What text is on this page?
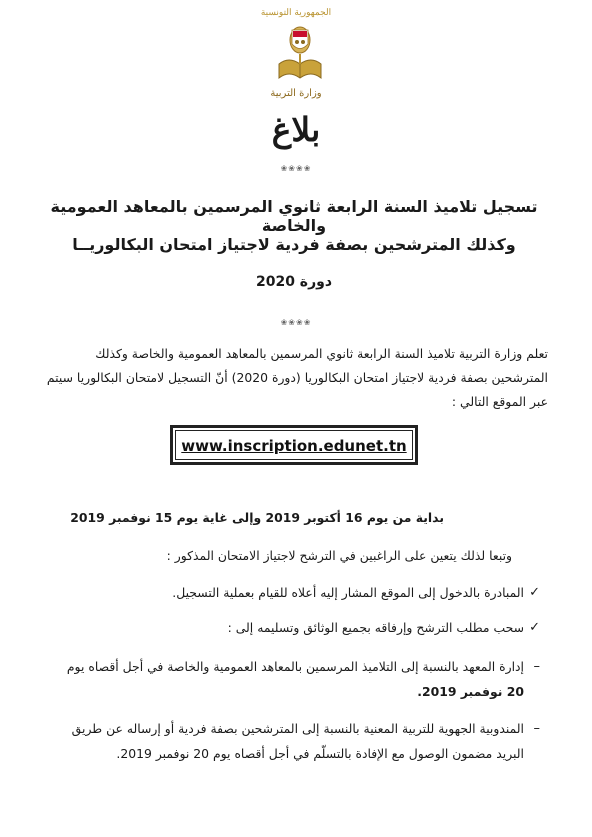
الجمهورية التونسية
وزارة التربية
بلاغ
❀❀❀❀
تسجيل تلاميذ السنة الرابعة ثانوي المرسمين بالمعاهد العمومية والخاصة
وكذلك المترشحين بصفة فردية لاجتياز امتحان البكالوريــا
دورة 2020
❀❀❀❀
تعلم وزارة التربية تلاميذ السنة الرابعة ثانوي المرسمين بالمعاهد العمومية والخاصة وكذلك
المترشحين بصفة فردية لاجتياز امتحان البكالوريا (دورة 2020) أنّ التسجيل لامتحان البكالوريا سيتم
عبر الموقع التالي :
www.inscription.edunet.tn
بداية من يوم 16 أكتوبر 2019 وإلى غاية يوم 15 نوفمبر 2019
وتبعا لذلك يتعين على الراغبين في الترشح لاجتياز الامتحان المذكور :
✓
المبادرة بالدخول إلى الموقع المشار إليه أعلاه للقيام بعملية التسجيل.
✓
سحب مطلب الترشح وإرفاقه بجميع الوثائق وتسليمه إلى :
–
إدارة المعهد بالنسبة إلى التلاميذ المرسمين بالمعاهد العمومية والخاصة في أجل أقصاه يوم
20 نوفمبر 2019.
–
المندوبية الجهوية للتربية المعنية بالنسبة إلى المترشحين بصفة فردية أو إرساله عن طريق
البريد مضمون الوصول مع الإفادة بالتسلّم في أجل أقصاه يوم 20 نوفمبر 2019.
